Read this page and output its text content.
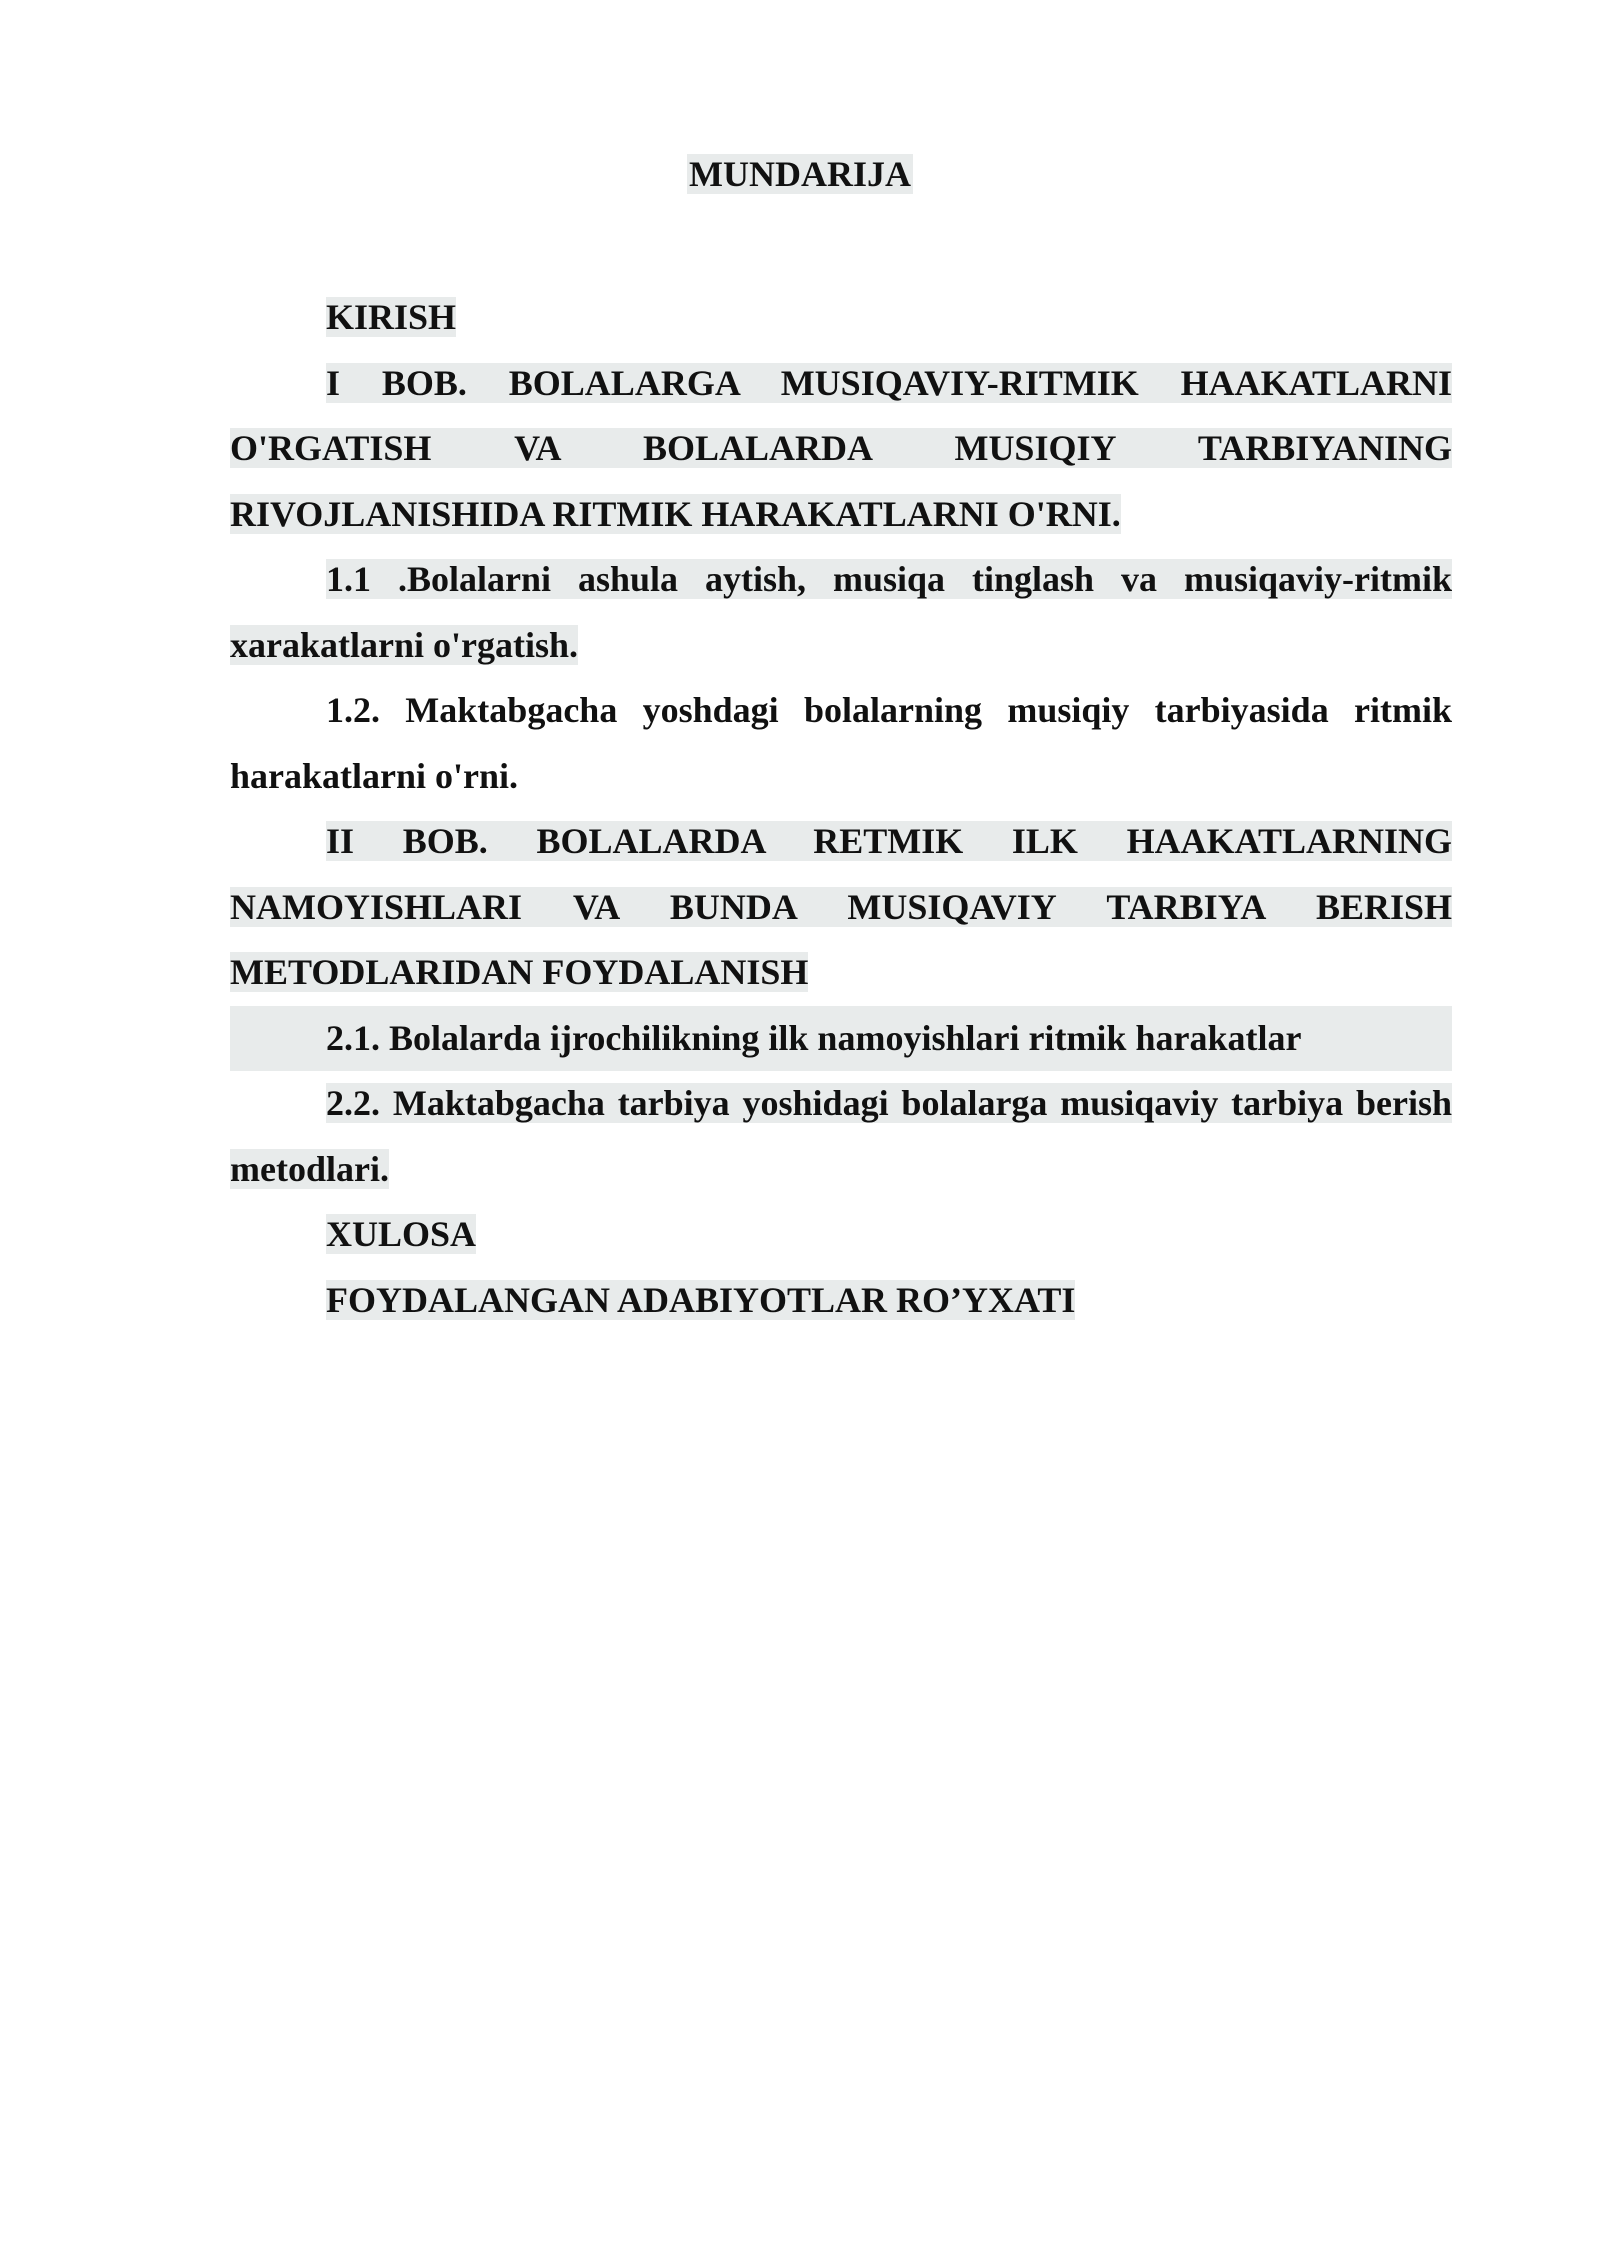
MUNDARIJA

KIRISH

I BOB. BOLALARGA MUSIQAVIY-RITMIK HAAKATLARNI O'RGATISH VA BOLALARDA MUSIQIY TARBIYANING RIVOJLANISHIDA RITMIK HARAKATLARNI O'RNI.

1.1 .Bolalarni ashula aytish, musiqa tinglash va musiqaviy-ritmik xarakatlarni o'rgatish.

1.2. Maktabgacha yoshdagi bolalarning musiqiy tarbiyasida ritmik harakatlarni o'rni.

II BOB. BOLALARDA RETMIK ILK HAAKATLARNING NAMOYISHLARI VA BUNDA MUSIQAVIY TARBIYA BERISH METODLARIDAN FOYDALANISH

2.1. Bolalarda ijrochilikning ilk namoyishlari ritmik harakatlar

2.2. Maktabgacha tarbiya yoshidagi bolalarga musiqaviy tarbiya berish metodlari.

XULOSA

FOYDALANGAN ADABIYOTLAR RO’YXATI
